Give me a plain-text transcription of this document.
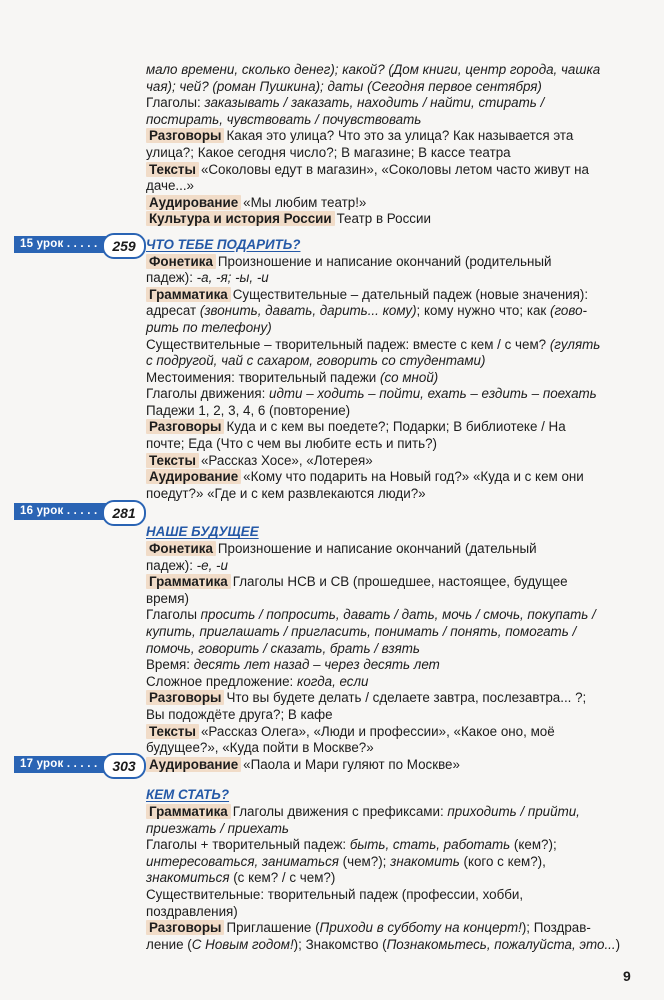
мало времени, сколько денег); какой? (Дом книги, центр города, чашка
чая); чей? (роман Пушкина); даты (Сегодня первое сентября)
Глаголы: заказывать / заказать, находить / найти, стирать /
постирать, чувствовать / почувствовать
Разговоры Какая это улица? Что это за улица? Как называется эта
улица?; Какое сегодня число?; В магазине; В кассе театра
Тексты «Соколовы едут в магазин», «Соколовы летом часто живут на
даче...»
Аудирование «Мы любим театр!»
Культура и история России Театр в России
ЧТО ТЕБЕ ПОДАРИТЬ?
Фонетика Произношение и написание окончаний (родительный
падеж): -а, -я; -ы, -и
Грамматика Существительные – дательный падеж (новые значения):
адресат (звонить, давать, дарить... кому); кому нужно что; как (гово-
рить по телефону)
Существительные – творительный падеж: вместе с кем / с чем? (гулять
с подругой, чай с сахаром, говорить со студентами)
Местоимения: творительный падежи (со мной)
Глаголы движения: идти – ходить – пойти, ехать – ездить – поехать
Падежи 1, 2, 3, 4, 6 (повторение)
Разговоры Куда и с кем вы поедете?; Подарки; В библиотеке / На
почте; Еда (Что с чем вы любите есть и пить?)
Тексты «Рассказ Хосе», «Лотерея»
Аудирование «Кому что подарить на Новый год?» «Куда и с кем они
поедут?» «Где и с кем развлекаются люди?»
НАШЕ БУДУЩЕЕ
Фонетика Произношение и написание окончаний (дательный
падеж): -е, -и
Грамматика Глаголы НСВ и СВ (прошедшее, настоящее, будущее
время)
Глаголы просить / попросить, давать / дать, мочь / смочь, покупать /
купить, приглашать / пригласить, понимать / понять, помогать /
помочь, говорить / сказать, брать / взять
Время: десять лет назад – через десять лет
Сложное предложение: когда, если
Разговоры Что вы будете делать / сделаете завтра, послезавтра... ?;
Вы подождёте друга?; В кафе
Тексты «Рассказ Олега», «Люди и профессии», «Какое оно, моё
будущее?», «Куда пойти в Москве?»
Аудирование «Паола и Мари гуляют по Москве»
КЕМ СТАТЬ?
Грамматика Глаголы движения с префиксами: приходить / прийти,
приезжать / приехать
Глаголы + творительный падеж: быть, стать, работать (кем?);
интересоваться, заниматься (чем?); знакомить (кого с кем?),
знакомиться (с кем? / с чем?)
Существительные: творительный падеж (профессии, хобби,
поздравления)
Разговоры Приглашение (Приходи в субботу на концерт!); Поздрав-
ление (С Новым годом!); Знакомство (Познакомьтесь, пожалуйста, это...)
15 урок . . . . .	259
16 урок . . . . .	281
17 урок . . . . .	303
9
